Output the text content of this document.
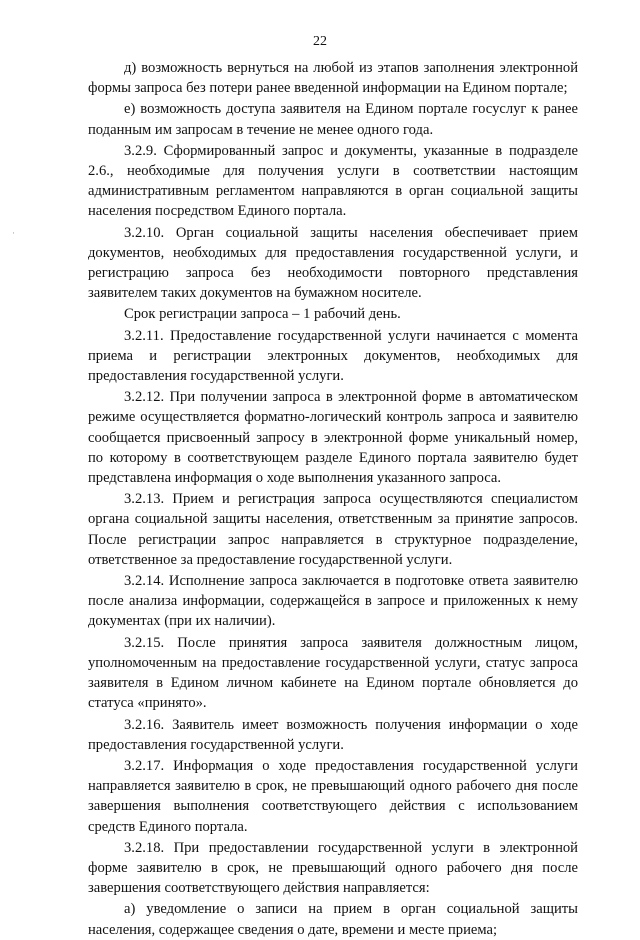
22
·

д) возможность вернуться на любой из этапов заполнения электронной формы запроса без потери ранее введенной информации на Едином портале;

е) возможность доступа заявителя на Едином портале госуслуг к ранее поданным им запросам в течение не менее одного года.

3.2.9. Сформированный запрос и документы, указанные в подразделе 2.6., необходимые для получения услуги в соответствии настоящим административным регламентом направляются в орган социальной защиты населения посредством Единого портала.

3.2.10. Орган социальной защиты населения обеспечивает прием документов, необходимых для предоставления государственной услуги, и регистрацию запроса без необходимости повторного представления заявителем таких документов на бумажном носителе.

Срок регистрации запроса – 1 рабочий день.

3.2.11. Предоставление государственной услуги начинается с момента приема и регистрации электронных документов, необходимых для предоставления государственной услуги.

3.2.12. При получении запроса в электронной форме в автоматическом режиме осуществляется форматно-логический контроль запроса и заявителю сообщается присвоенный запросу в электронной форме уникальный номер, по которому в соответствующем разделе Единого портала заявителю будет представлена информация о ходе выполнения указанного запроса.

3.2.13. Прием и регистрация запроса осуществляются специалистом органа социальной защиты населения, ответственным за принятие запросов. После регистрации запрос направляется в структурное подразделение, ответственное за предоставление государственной услуги.

3.2.14. Исполнение запроса заключается в подготовке ответа заявителю после анализа информации, содержащейся в запросе и приложенных к нему документах (при их наличии).

3.2.15. После принятия запроса заявителя должностным лицом, уполномоченным на предоставление государственной услуги, статус запроса заявителя в Едином личном кабинете на Едином портале обновляется до статуса «принято».

3.2.16. Заявитель имеет возможность получения информации о ходе предоставления государственной услуги.

3.2.17. Информация о ходе предоставления государственной услуги направляется заявителю в срок, не превышающий одного рабочего дня после завершения выполнения соответствующего действия с использованием средств Единого портала.

3.2.18. При предоставлении государственной услуги в электронной форме заявителю в срок, не превышающий одного рабочего дня после завершения соответствующего действия направляется:

а) уведомление о записи на прием в орган социальной защиты населения, содержащее сведения о дате, времени и месте приема;
